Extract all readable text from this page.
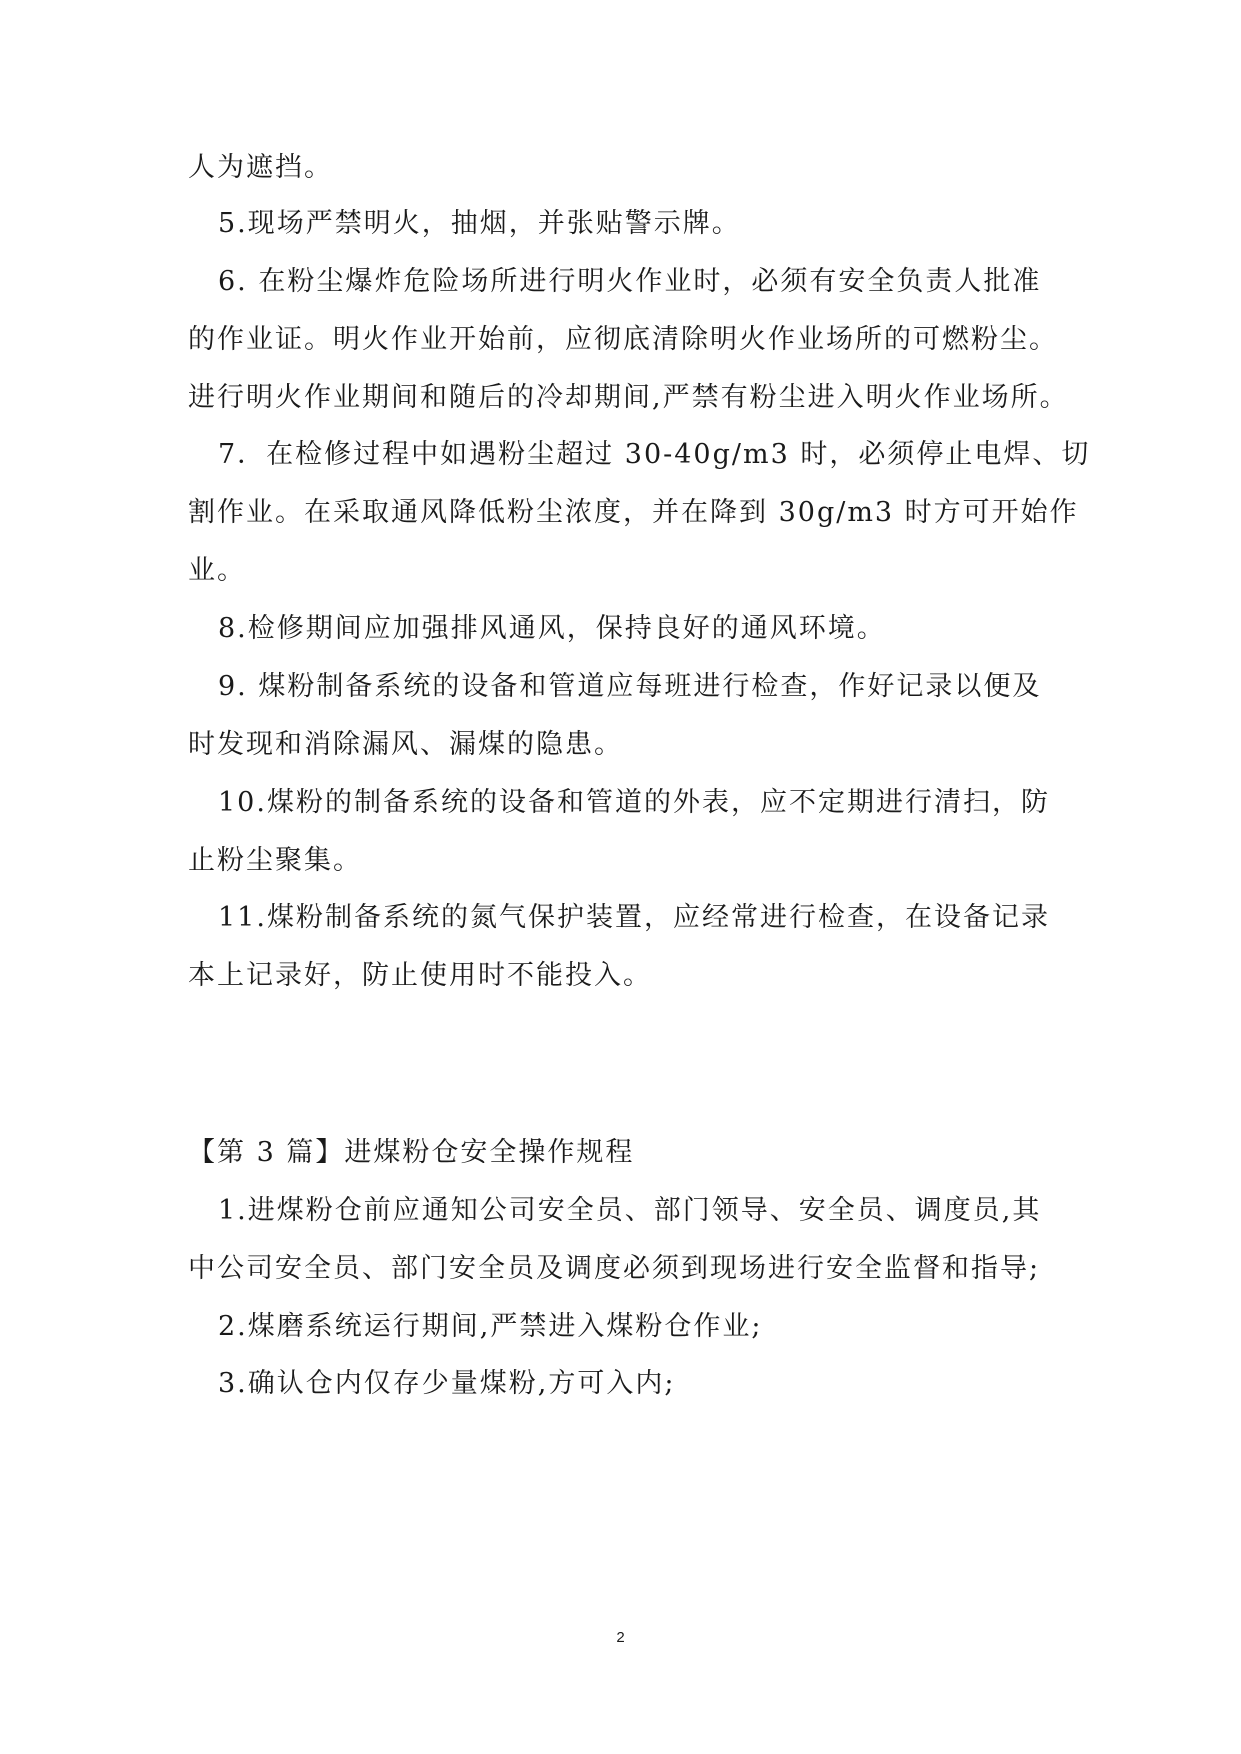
人为遮挡。

5.现场严禁明火，抽烟，并张贴警示牌。

6. 在粉尘爆炸危险场所进行明火作业时，必须有安全负责人批准

的作业证。明火作业开始前，应彻底清除明火作业场所的可燃粉尘。

进行明火作业期间和随后的冷却期间,严禁有粉尘进入明火作业场所。

7．在检修过程中如遇粉尘超过 30-40g/m3 时，必须停止电焊、切

割作业。在采取通风降低粉尘浓度，并在降到 30g/m3 时方可开始作

业。

8.检修期间应加强排风通风，保持良好的通风环境。

9. 煤粉制备系统的设备和管道应每班进行检查，作好记录以便及

时发现和消除漏风、漏煤的隐患。

10.煤粉的制备系统的设备和管道的外表，应不定期进行清扫，防

止粉尘聚集。

11.煤粉制备系统的氮气保护装置，应经常进行检查，在设备记录

本上记录好，防止使用时不能投入。

【第 3 篇】进煤粉仓安全操作规程

1.进煤粉仓前应通知公司安全员、部门领导、安全员、调度员,其

中公司安全员、部门安全员及调度必须到现场进行安全监督和指导;

2.煤磨系统运行期间,严禁进入煤粉仓作业;

3.确认仓内仅存少量煤粉,方可入内;

2
